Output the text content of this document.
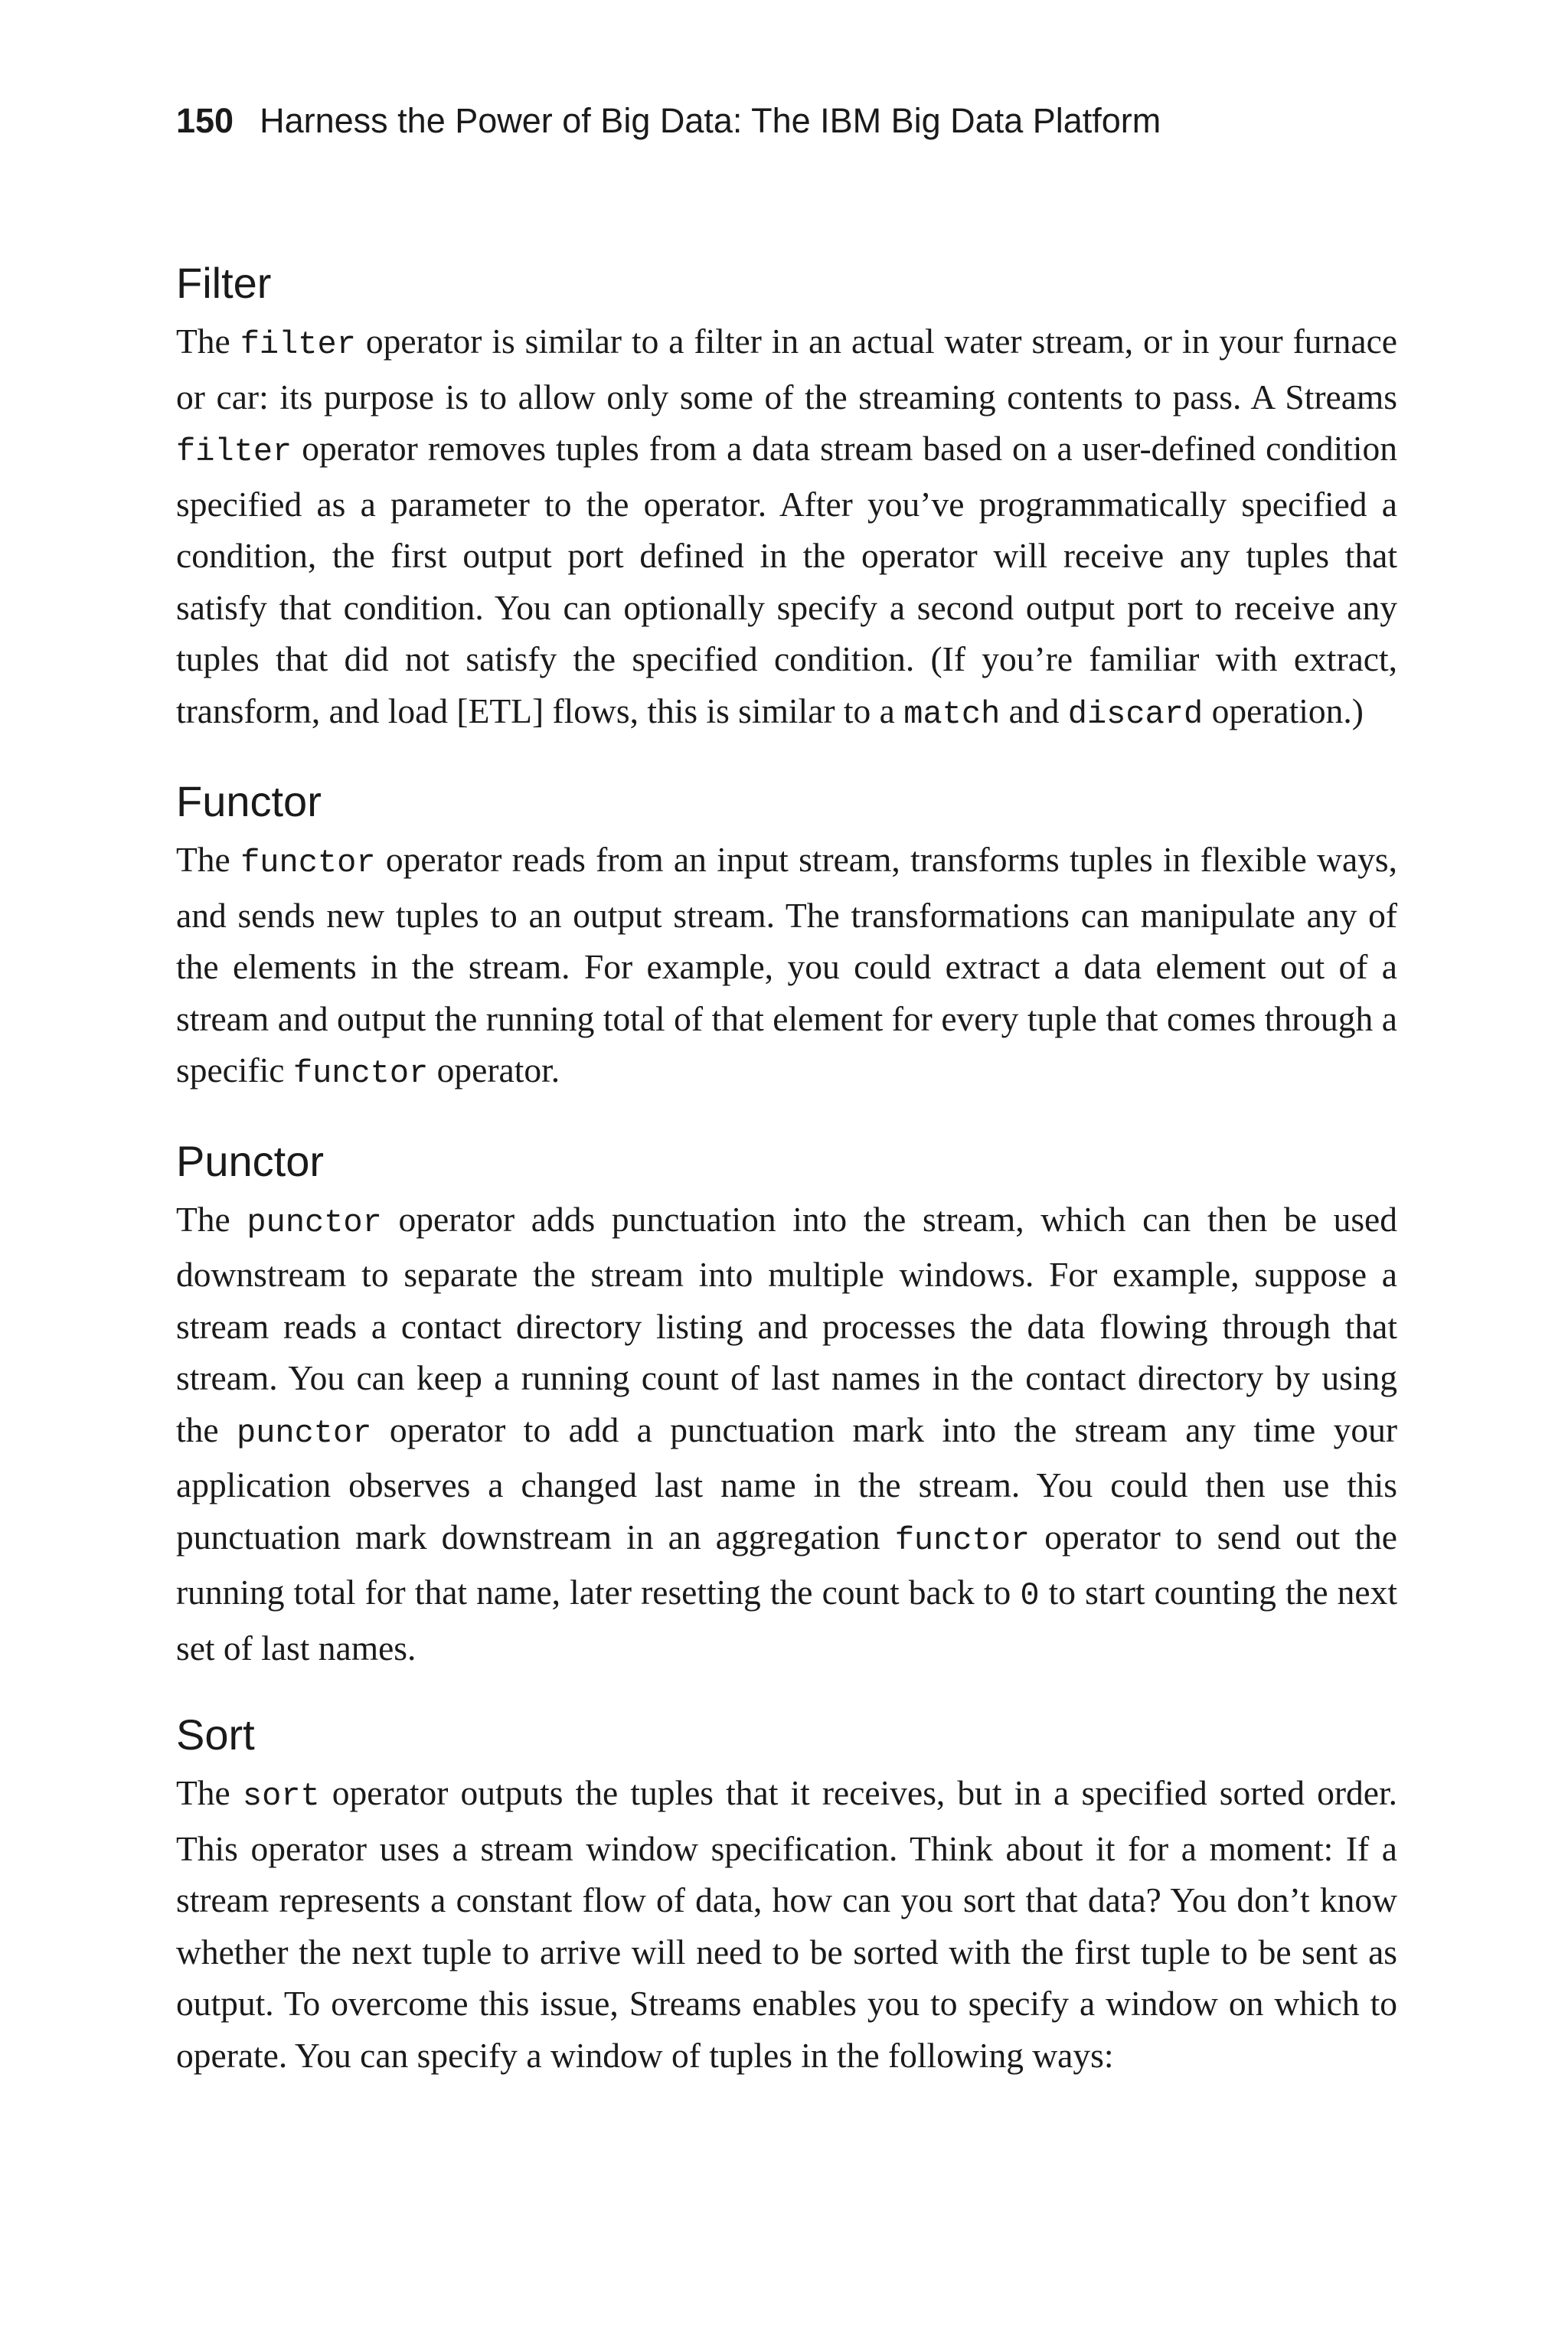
150 Harness the Power of Big Data: The IBM Big Data Platform
Filter

The filter operator is similar to a filter in an actual water stream, or in your furnace or car: its purpose is to allow only some of the streaming contents to pass. A Streams filter operator removes tuples from a data stream based on a user-defined condition specified as a parameter to the operator. After you’ve programmatically specified a condition, the first output port defined in the operator will receive any tuples that satisfy that condition. You can optionally specify a second output port to receive any tuples that did not satisfy the specified condition. (If you’re familiar with extract, transform, and load [ETL] flows, this is similar to a match and discard operation.)

Functor

The functor operator reads from an input stream, transforms tuples in flexible ways, and sends new tuples to an output stream. The transformations can manipulate any of the elements in the stream. For example, you could extract a data element out of a stream and output the running total of that element for every tuple that comes through a specific functor operator.

Punctor

The punctor operator adds punctuation into the stream, which can then be used downstream to separate the stream into multiple windows. For example, suppose a stream reads a contact directory listing and processes the data flowing through that stream. You can keep a running count of last names in the contact directory by using the punctor operator to add a punctuation mark into the stream any time your application observes a changed last name in the stream. You could then use this punctuation mark downstream in an aggregation functor operator to send out the running total for that name, later resetting the count back to 0 to start counting the next set of last names.

Sort

The sort operator outputs the tuples that it receives, but in a specified sorted order. This operator uses a stream window specification. Think about it for a moment: If a stream represents a constant flow of data, how can you sort that data? You don’t know whether the next tuple to arrive will need to be sorted with the first tuple to be sent as output. To overcome this issue, Streams enables you to specify a window on which to operate. You can specify a window of tuples in the following ways:
